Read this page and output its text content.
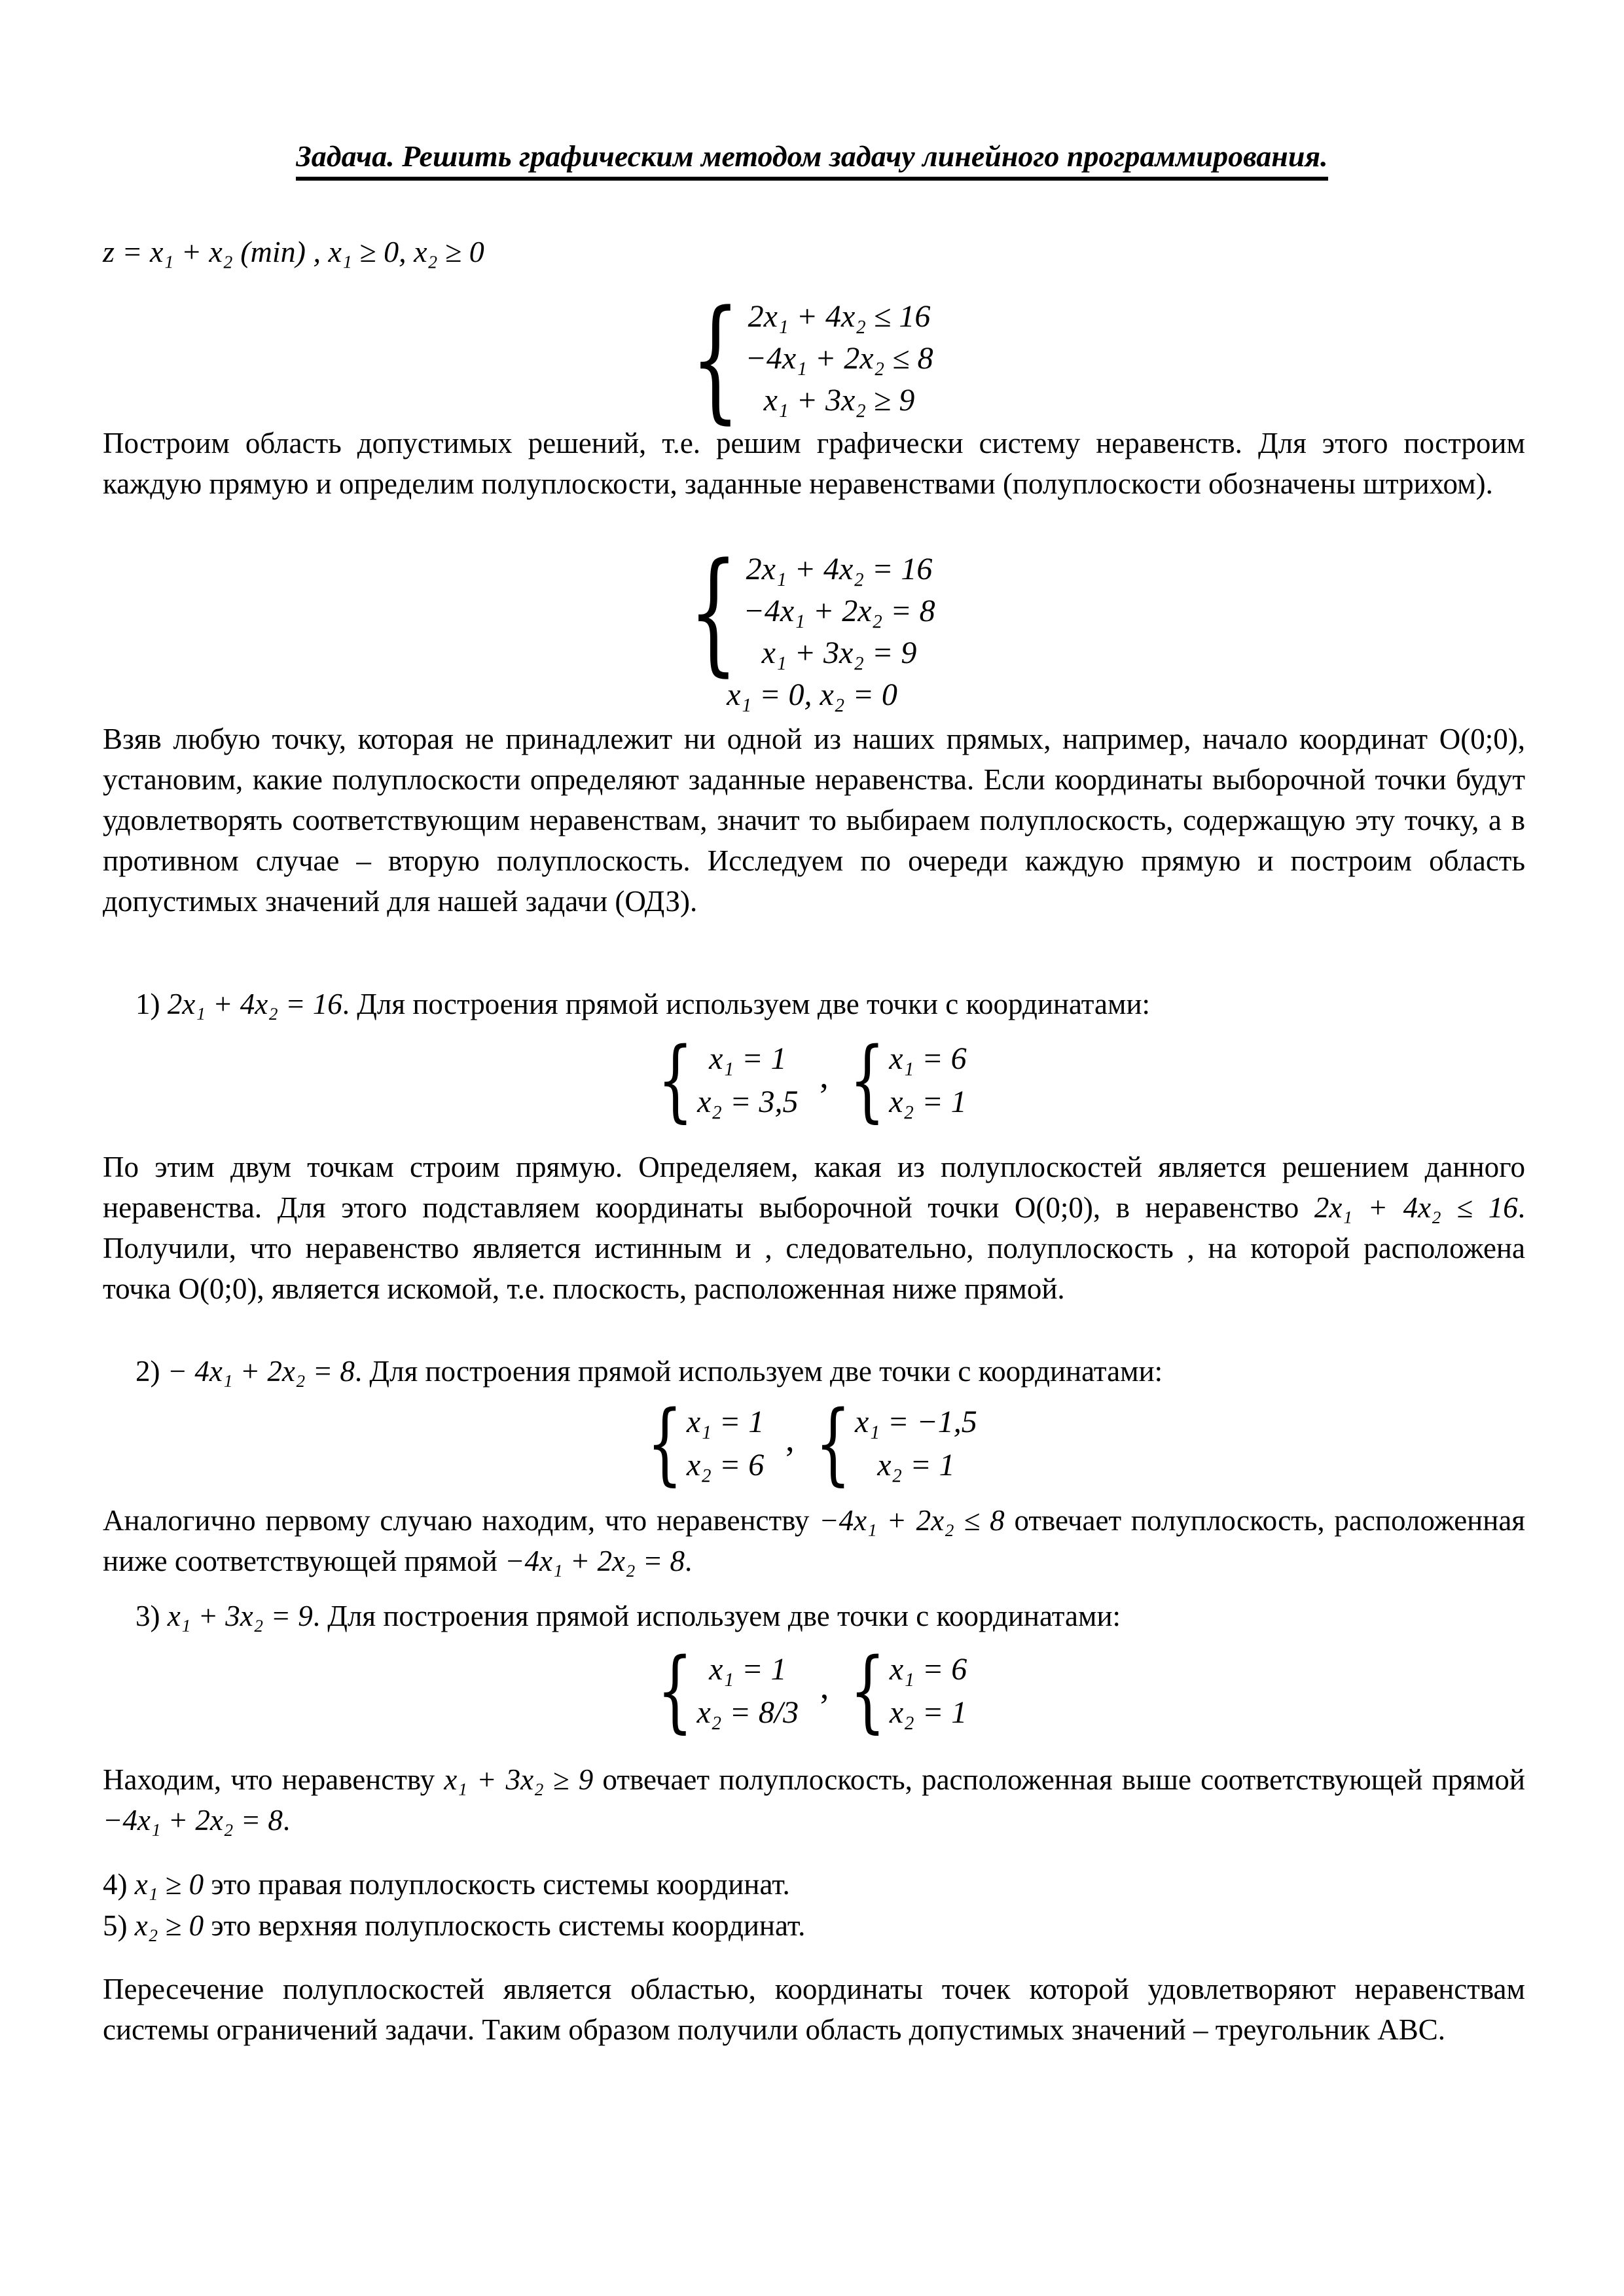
Задача. Решить графическим методом задачу линейного программирования.
z = x₁ + x₂ (min) , x₁ ≥ 0, x₂ ≥ 0
{ 2x₁ + 4x₂ ≤ 16
−4x₁ + 2x₂ ≤ 8
x₁ + 3x₂ ≥ 9
Построим область допустимых решений, т.е. решим графически систему неравенств. Для этого построим каждую прямую и определим полуплоскости, заданные неравенствами (полуплоскости обозначены штрихом).
{ 2x₁ + 4x₂ = 16
−4x₁ + 2x₂ = 8
x₁ + 3x₂ = 9
x₁ = 0, x₂ = 0
Взяв любую точку, которая не принадлежит ни одной из наших прямых, например, начало координат О(0;0), установим, какие полуплоскости определяют заданные неравенства. Если координаты выборочной точки будут удовлетворять соответствующим неравенствам, значит то выбираем полуплоскость, содержащую эту точку, а в противном случае – вторую полуплоскость. Исследуем по очереди каждую прямую и построим область допустимых значений для нашей задачи (ОДЗ).
1) 2x₁ + 4x₂ = 16. Для построения прямой используем две точки с координатами:
{ x₁ = 1
x₂ = 3,5 ’ { x₁ = 6
x₂ = 1
По этим двум точкам строим прямую. Определяем, какая из полуплоскостей является решением данного неравенства. Для этого подставляем координаты выборочной точки О(0;0), в неравенство 2x₁ + 4x₂ ≤ 16. Получили, что неравенство является истинным и , следовательно, полуплоскость , на которой расположена точка О(0;0), является искомой, т.е. плоскость, расположенная ниже прямой.
2) − 4x₁ + 2x₂ = 8. Для построения прямой используем две точки с координатами:
{ x₁ = 1
x₂ = 6 ’ { x₁ = −1,5
x₂ = 1
Аналогично первому случаю находим, что неравенству −4x₁ + 2x₂ ≤ 8 отвечает полуплоскость, расположенная ниже соответствующей прямой −4x₁ + 2x₂ = 8.
3) x₁ + 3x₂ = 9. Для построения прямой используем две точки с координатами:
{ x₁ = 1
x₂ = 8/3 ’ { x₁ = 6
x₂ = 1
Находим, что неравенству x₁ + 3x₂ ≥ 9 отвечает полуплоскость, расположенная выше соответствующей прямой −4x₁ + 2x₂ = 8.
4) x₁ ≥ 0 это правая полуплоскость системы координат.
5) x₂ ≥ 0 это верхняя полуплоскость системы координат.
Пересечение полуплоскостей является областью, координаты точек которой удовлетворяют неравенствам системы ограничений задачи. Таким образом получили область допустимых значений – треугольник АВС.
